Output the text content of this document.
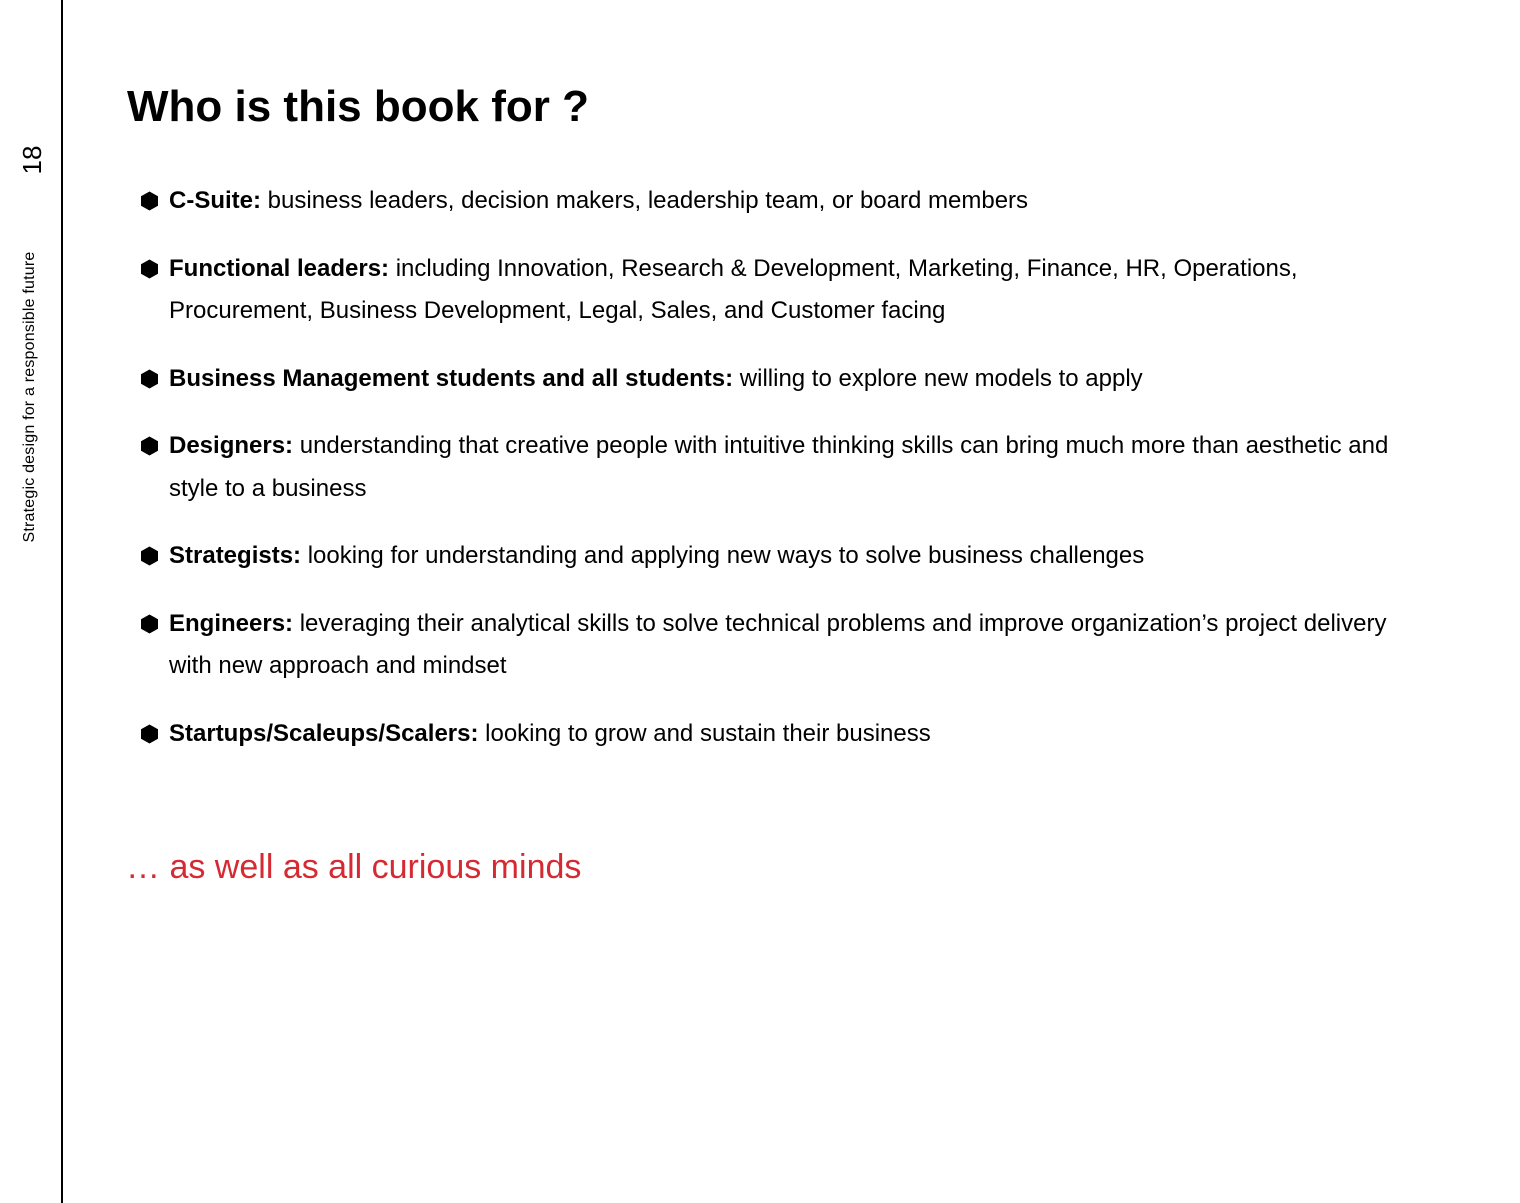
18
Strategic design for a responsible future
Who is this book for ?
C-Suite: business leaders, decision makers, leadership team, or board members
Functional leaders: including Innovation, Research & Development, Marketing, Finance, HR, Operations, Procurement, Business Development, Legal, Sales, and Customer facing
Business Management students and all students: willing to explore new models to apply
Designers: understanding that creative people with intuitive thinking skills can bring much more than aesthetic and style to a business
Strategists: looking for understanding and applying new ways to solve business challenges
Engineers: leveraging their analytical skills to solve technical problems and improve organization’s project delivery with new approach and mindset
Startups/Scaleups/Scalers: looking to grow and sustain their business
… as well as all curious minds
